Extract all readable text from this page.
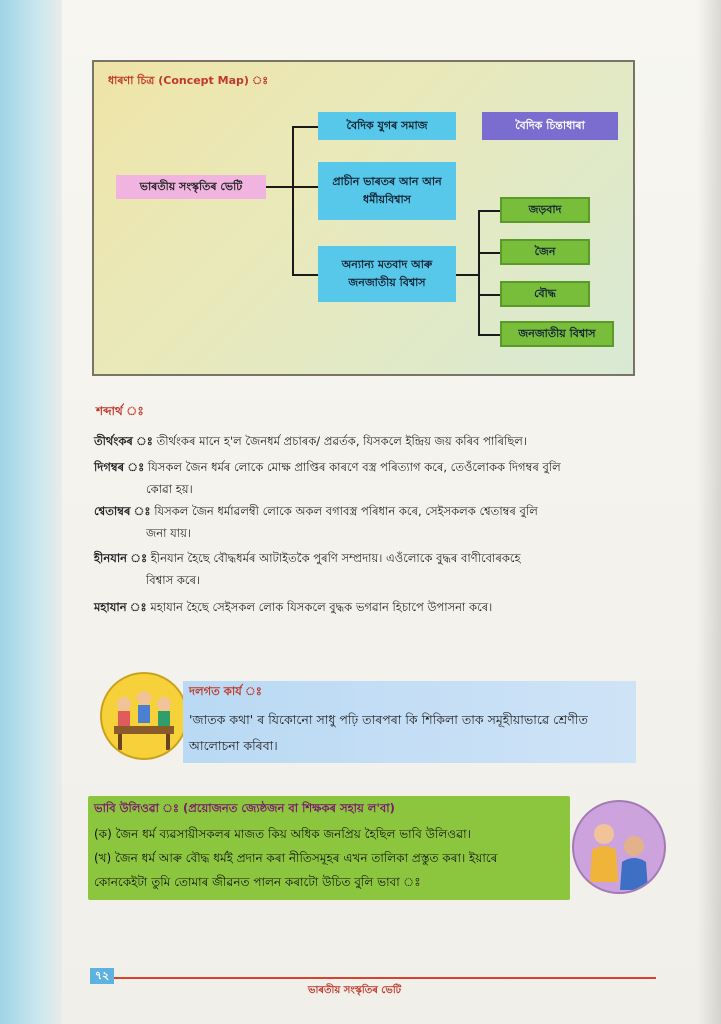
ধাৰণা চিত্ৰ (Concept Map) ঃ
ভাৰতীয় সংস্কৃতিৰ ভেটি
বৈদিক যুগৰ সমাজ	বৈদিক চিন্তাধাৰা
প্ৰাচীন ভাৰতৰ আন আন ধৰ্মীয়বিশ্বাস
অন্যান্য মতবাদ আৰু জনজাতীয় বিশ্বাস
জড়বাদ
জৈন
বৌদ্ধ
জনজাতীয় বিশ্বাস
শব্দাৰ্থ ঃ
তীৰ্থংকৰ ঃ তীৰ্থংকৰ মানে হ'ল জৈনধৰ্ম প্ৰচাৰক/ প্ৰৱৰ্তক, যিসকলে ইন্দ্ৰিয় জয় কৰিব পাৰিছিল।
দিগম্বৰ ঃ যিসকল জৈন ধৰ্মৰ লোকে মোক্ষ প্ৰাপ্তিৰ কাৰণে বস্ত্ৰ পৰিত্যাগ কৰে, তেওঁলোকক দিগম্বৰ বুলি
কোৱা হয়।
শ্বেতাম্বৰ ঃ যিসকল জৈন ধৰ্মাৱলম্বী লোকে অকল বগাবস্ত্ৰ পৰিধান কৰে, সেইসকলক শ্বেতাম্বৰ বুলি
জনা যায়।
হীনযান ঃ হীনযান হৈছে বৌদ্ধধৰ্মৰ আটাইতকৈ পুৰণি সম্প্ৰদায়। এওঁলোকে বুদ্ধৰ বাণীবোৰকহে
বিশ্বাস কৰে।
মহাযান ঃ মহাযান হৈছে সেইসকল লোক যিসকলে বুদ্ধক ভগৱান হিচাপে উপাসনা কৰে।
দলগত কাৰ্য ঃ
'জাতক কথা' ৰ যিকোনো সাধু পঢ়ি তাৰপৰা কি শিকিলা তাক সমূহীয়াভাৱে শ্ৰেণীত আলোচনা কৰিবা।
ভাবি উলিওৱা ঃ (প্ৰয়োজনত জ্যেষ্ঠজন বা শিক্ষকৰ সহায় ল'বা)
(ক) জৈন ধৰ্ম ব্যৱসায়ীসকলৰ মাজত কিয় অধিক জনপ্ৰিয় হৈছিল ভাবি উলিওৱা।
(খ) জৈন ধৰ্ম আৰু বৌদ্ধ ধৰ্মই প্ৰদান কৰা নীতিসমূহৰ এখন তালিকা প্ৰস্তুত কৰা। ইয়াৰে
কোনকেইটা তুমি তোমাৰ জীৱনত পালন কৰাটো উচিত বুলি ভাবা ঃ
৭২
ভাৰতীয় সংস্কৃতিৰ ভেটি
